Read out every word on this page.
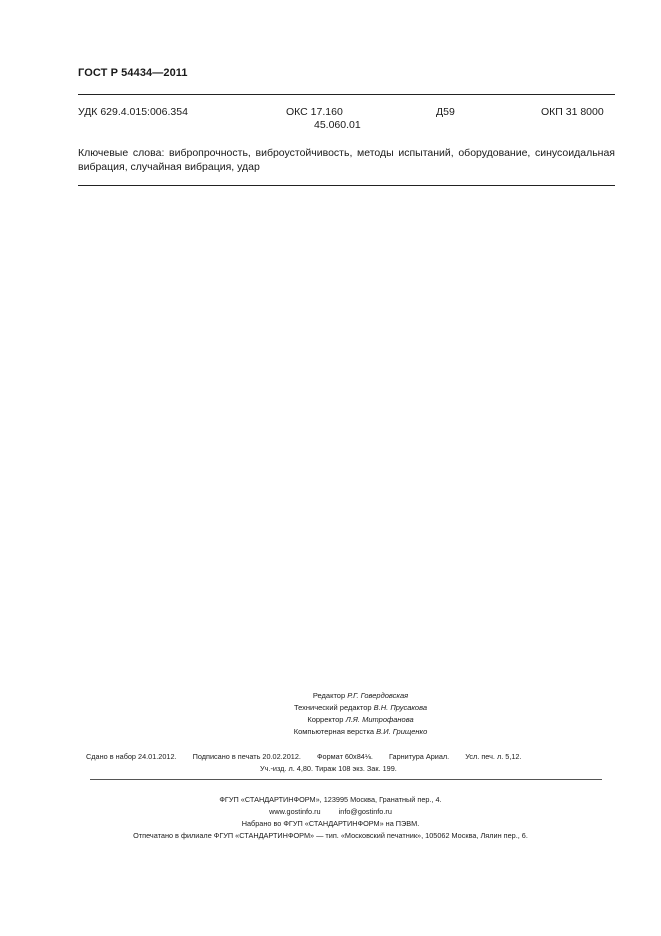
ГОСТ Р 54434—2011
УДК 629.4.015:006.354	ОКС 17.160
45.060.01
Д59	ОКП 31 8000
Ключевые слова: вибропрочность, виброустойчивость, методы испытаний, оборудование, синусоидальная вибрация, случайная вибрация, удар
Редактор Р.Г. Говердовская
Технический редактор В.Н. Прусакова
Корректор Л.Я. Митрофанова
Компьютерная верстка В.И. Грищенко
Сдано в набор 24.01.2012. Подписано в печать 20.02.2012. Формат 60x84⅛. Гарнитура Ариал. Усл. печ. л. 5,12.
Уч.-изд. л. 4,80. Тираж 108 экз. Зак. 199.
ФГУП «СТАНДАРТИНФОРМ», 123995 Москва, Гранатный пер., 4.
www.gostinfo.ru info@gostinfo.ru
Набрано во ФГУП «СТАНДАРТИНФОРМ» на ПЭВМ.
Отпечатано в филиале ФГУП «СТАНДАРТИНФОРМ» — тип. «Московский печатник», 105062 Москва, Лялин пер., 6.
